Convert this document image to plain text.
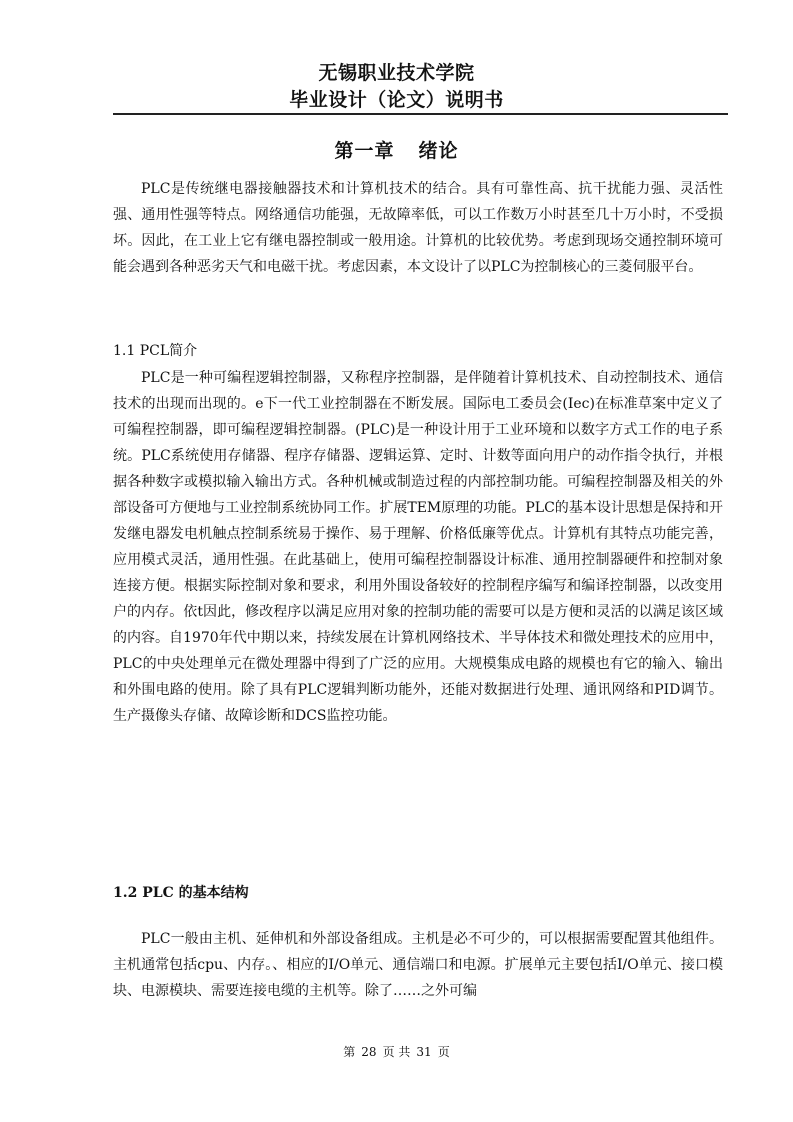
无锡职业技术学院
毕业设计（论文）说明书
第一章 绪论

PLC是传统继电器接触器技术和计算机技术的结合。具有可靠性高、抗干扰能力强、灵活性强、通用性强等特点。网络通信功能强，无故障率低，可以工作数万小时甚至几十万小时，不受损坏。因此，在工业上它有继电器控制或一般用途。计算机的比较优势。考虑到现场交通控制环境可能会遇到各种恶劣天气和电磁干扰。考虑因素，本文设计了以PLC为控制核心的三菱伺服平台。

1.1 PCL简介

PLC是一种可编程逻辑控制器，又称程序控制器，是伴随着计算机技术、自动控制技术、通信技术的出现而出现的。e下一代工业控制器在不断发展。国际电工委员会(Iec)在标准草案中定义了可编程控制器，即可编程逻辑控制器。(PLC)是一种设计用于工业环境和以数字方式工作的电子系统。PLC系统使用存储器、程序存储器、逻辑运算、定时、计数等面向用户的动作指令执行，并根据各种数字或模拟输入输出方式。各种机械或制造过程的内部控制功能。可编程控制器及相关的外部设备可方便地与工业控制系统协同工作。扩展TEM原理的功能。PLC的基本设计思想是保持和开发继电器发电机触点控制系统易于操作、易于理解、价格低廉等优点。计算机有其特点功能完善，应用模式灵活，通用性强。在此基础上，使用可编程控制器设计标准、通用控制器硬件和控制对象连接方便。根据实际控制对象和要求，利用外围设备较好的控制程序编写和编译控制器，以改变用户的内存。依t因此，修改程序以满足应用对象的控制功能的需要可以是方便和灵活的以满足该区域的内容。自1970年代中期以来，持续发展在计算机网络技术、半导体技术和微处理技术的应用中，PLC的中央处理单元在微处理器中得到了广泛的应用。大规模集成电路的规模也有它的输入、输出和外围电路的使用。除了具有PLC逻辑判断功能外，还能对数据进行处理、通讯网络和PID调节。生产摄像头存储、故障诊断和DCS监控功能。

1.2 PLC 的基本结构

PLC一般由主机、延伸机和外部设备组成。主机是必不可少的，可以根据需要配置其他组件。主机通常包括cpu、内存。、相应的I/O单元、通信端口和电源。扩展单元主要包括I/O单元、接口模块、电源模块、需要连接电缆的主机等。除了……之外可编

第 28 页 共 31 页
